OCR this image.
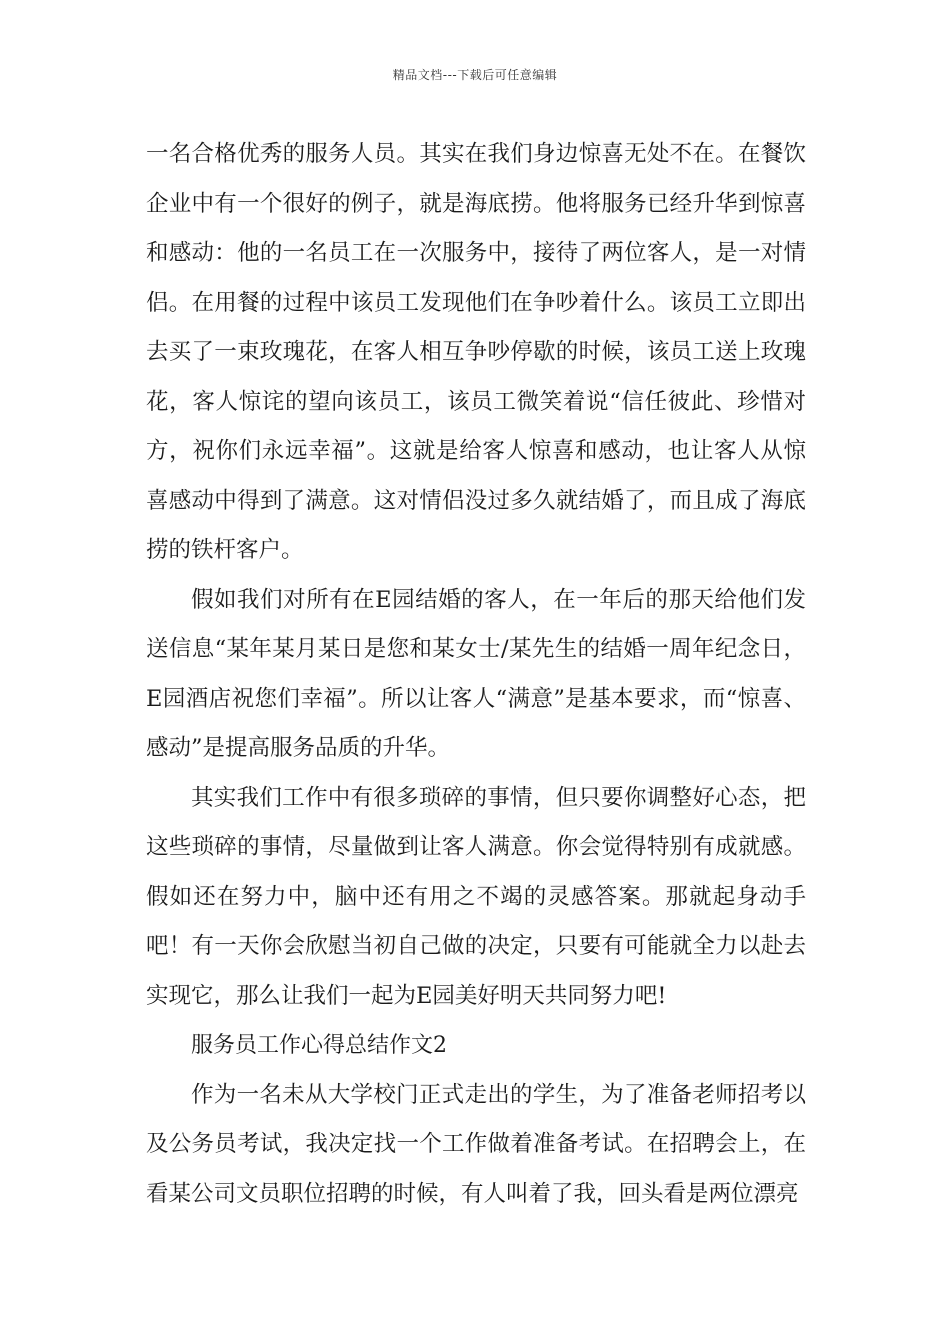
精品文档---下载后可任意编辑

一名合格优秀的服务人员。其实在我们身边惊喜无处不在。在餐饮企业中有一个很好的例子，就是海底捞。他将服务已经升华到惊喜和感动：他的一名员工在一次服务中，接待了两位客人，是一对情侣。在用餐的过程中该员工发现他们在争吵着什么。该员工立即出去买了一束玫瑰花，在客人相互争吵停歇的时候，该员工送上玫瑰花，客人惊诧的望向该员工，该员工微笑着说“信任彼此、珍惜对方，祝你们永远幸福”。这就是给客人惊喜和感动，也让客人从惊喜感动中得到了满意。这对情侣没过多久就结婚了，而且成了海底捞的铁杆客户。

假如我们对所有在E园结婚的客人，在一年后的那天给他们发送信息“某年某月某日是您和某女士/某先生的结婚一周年纪念日，E园酒店祝您们幸福”。所以让客人“满意”是基本要求，而“惊喜、感动”是提高服务品质的升华。

其实我们工作中有很多琐碎的事情，但只要你调整好心态，把这些琐碎的事情，尽量做到让客人满意。你会觉得特别有成就感。假如还在努力中，脑中还有用之不竭的灵感答案。那就起身动手吧！有一天你会欣慰当初自己做的决定，只要有可能就全力以赴去实现它，那么让我们一起为E园美好明天共同努力吧!

服务员工作心得总结作文2

作为一名未从大学校门正式走出的学生，为了准备老师招考以及公务员考试，我决定找一个工作做着准备考试。在招聘会上，在看某公司文员职位招聘的时候，有人叫着了我，回头看是两位漂亮
